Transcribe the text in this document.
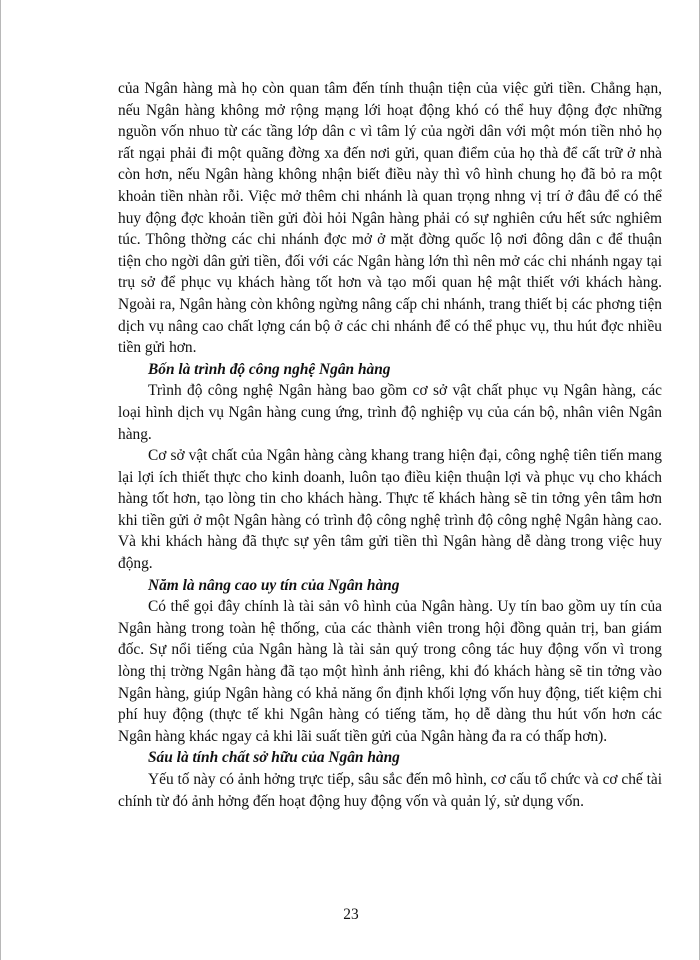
của Ngân hàng mà họ còn quan tâm đến tính thuận tiện của việc gửi tiền. Chẳng hạn, nếu Ngân hàng không mở rộng mạng lới hoạt động khó có thể huy động đợc những nguồn vốn nhuo từ các tầng lớp dân c vì tâm lý của ngời dân với một món tiền nhỏ họ rất ngại phải đi một quãng đờng xa đến nơi gửi, quan điểm của họ thà để cất trữ ở nhà còn hơn, nếu Ngân hàng không nhận biết điều này thì vô hình chung họ đã bỏ ra một khoản tiền nhàn rỗi. Việc mở thêm chi nhánh là quan trọng nhng vị trí ở đâu để có thể huy động đợc khoản tiền gửi đòi hỏi Ngân hàng phải có sự nghiên cứu hết sức nghiêm túc. Thông thờng các chi nhánh đợc mở ở mặt đờng quốc lộ nơi đông dân c để thuận tiện cho ngời dân gửi tiền, đối với các Ngân hàng lớn thì nên mở các chi nhánh ngay tại trụ sở để phục vụ khách hàng tốt hơn và tạo mối quan hệ mật thiết với khách hàng. Ngoài ra, Ngân hàng còn không ngừng nâng cấp chi nhánh, trang thiết bị các phơng tiện dịch vụ nâng cao chất lợng cán bộ ở các chi nhánh để có thể phục vụ, thu hút đợc nhiều tiền gửi hơn.

Bốn là trình độ công nghệ Ngân hàng

Trình độ công nghệ Ngân hàng bao gồm cơ sở vật chất phục vụ Ngân hàng, các loại hình dịch vụ Ngân hàng cung ứng, trình độ nghiệp vụ của cán bộ, nhân viên Ngân hàng.

Cơ sở vật chất của Ngân hàng càng khang trang hiện đại, công nghệ tiên tiến mang lại lợi ích thiết thực cho kinh doanh, luôn tạo điều kiện thuận lợi và phục vụ cho khách hàng tốt hơn, tạo lòng tin cho khách hàng. Thực tế khách hàng sẽ tin tởng yên tâm hơn khi tiền gửi ở một Ngân hàng có trình độ công nghệ trình độ công nghệ Ngân hàng cao. Và khi khách hàng đã thực sự yên tâm gửi tiền thì Ngân hàng dễ dàng trong việc huy động.

Năm là nâng cao uy tín của Ngân hàng

Có thể gọi đây chính là tài sản vô hình của Ngân hàng. Uy tín bao gồm uy tín của Ngân hàng trong toàn hệ thống, của các thành viên trong hội đồng quản trị, ban giám đốc. Sự nổi tiếng của Ngân hàng là tài sản quý trong công tác huy động vốn vì trong lòng thị trờng Ngân hàng đã tạo một hình ảnh riêng, khi đó khách hàng sẽ tin tởng vào Ngân hàng, giúp Ngân hàng có khả năng ổn định khối lợng vốn huy động, tiết kiệm chi phí huy động (thực tế khi Ngân hàng có tiếng tăm, họ dễ dàng thu hút vốn hơn các Ngân hàng khác ngay cả khi lãi suất tiền gửi của Ngân hàng đa ra có thấp hơn).

Sáu là tính chất sở hữu của Ngân hàng

Yếu tố này có ảnh hởng trực tiếp, sâu sắc đến mô hình, cơ cấu tổ chức và cơ chế tài chính từ đó ảnh hởng đến hoạt động huy động vốn và quản lý, sử dụng vốn.

23
